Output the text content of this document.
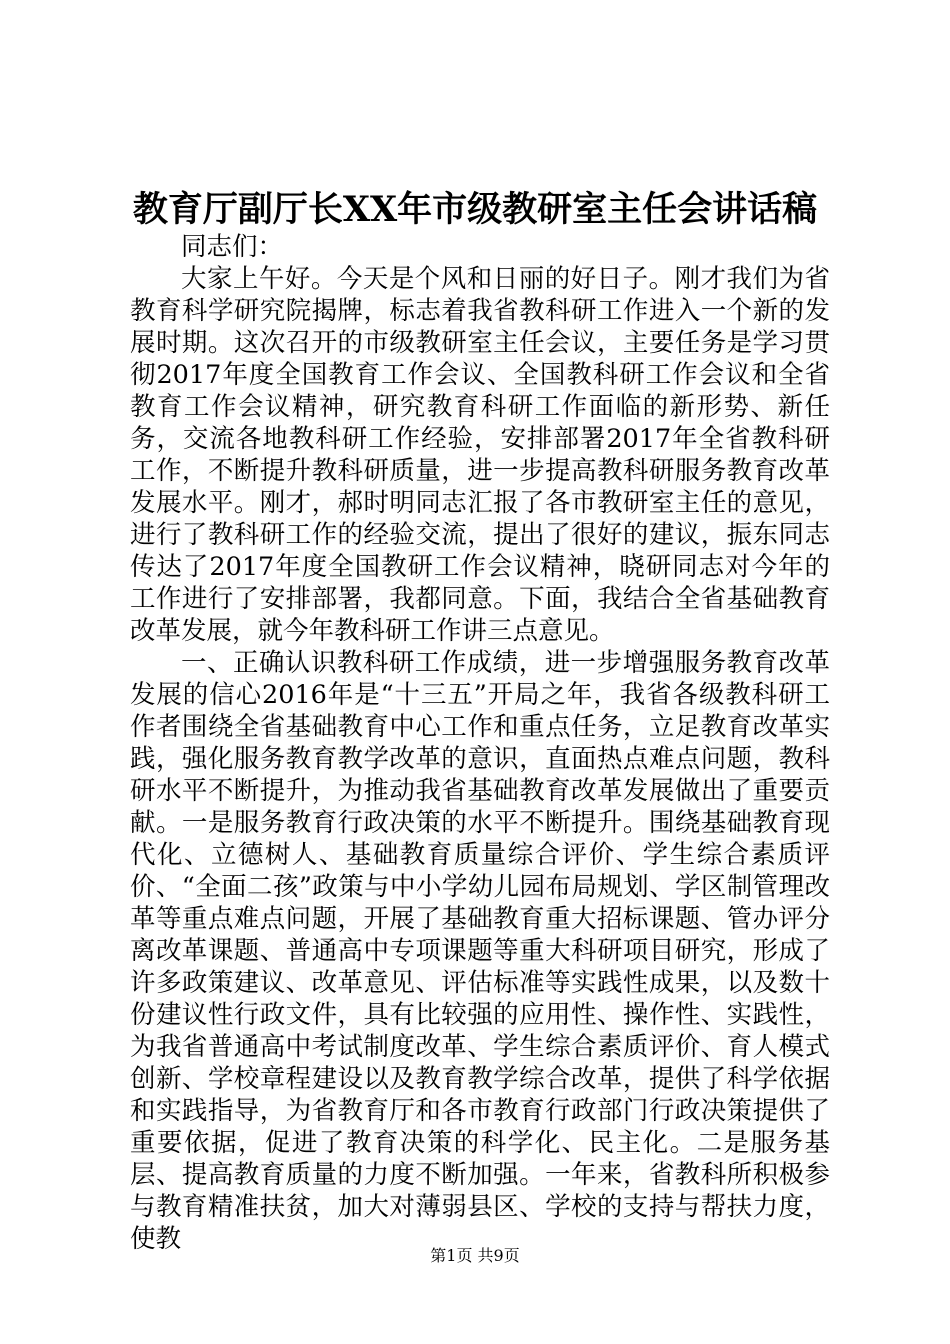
教育厅副厅长XX年市级教研室主任会讲话稿

同志们：

大家上午好。今天是个风和日丽的好日子。刚才我们为省教育科学研究院揭牌，标志着我省教科研工作进入一个新的发展时期。这次召开的市级教研室主任会议，主要任务是学习贯彻2017年度全国教育工作会议、全国教科研工作会议和全省教育工作会议精神，研究教育科研工作面临的新形势、新任务，交流各地教科研工作经验，安排部署2017年全省教科研工作，不断提升教科研质量，进一步提高教科研服务教育改革发展水平。刚才，郝时明同志汇报了各市教研室主任的意见，进行了教科研工作的经验交流，提出了很好的建议，振东同志传达了2017年度全国教研工作会议精神，晓研同志对今年的工作进行了安排部署，我都同意。下面，我结合全省基础教育改革发展，就今年教科研工作讲三点意见。

一、正确认识教科研工作成绩，进一步增强服务教育改革发展的信心2016年是“十三五”开局之年，我省各级教科研工作者围绕全省基础教育中心工作和重点任务，立足教育改革实践，强化服务教育教学改革的意识，直面热点难点问题，教科研水平不断提升，为推动我省基础教育改革发展做出了重要贡献。一是服务教育行政决策的水平不断提升。围绕基础教育现代化、立德树人、基础教育质量综合评价、学生综合素质评价、“全面二孩”政策与中小学幼儿园布局规划、学区制管理改革等重点难点问题，开展了基础教育重大招标课题、管办评分离改革课题、普通高中专项课题等重大科研项目研究，形成了许多政策建议、改革意见、评估标准等实践性成果，以及数十份建议性行政文件，具有比较强的应用性、操作性、实践性，为我省普通高中考试制度改革、学生综合素质评价、育人模式创新、学校章程建设以及教育教学综合改革，提供了科学依据和实践指导，为省教育厅和各市教育行政部门行政决策提供了重要依据，促进了教育决策的科学化、民主化。二是服务基层、提高教育质量的力度不断加强。一年来，省教科所积极参与教育精准扶贫，加大对薄弱县区、学校的支持与帮扶力度，使教

第1页 共9页
